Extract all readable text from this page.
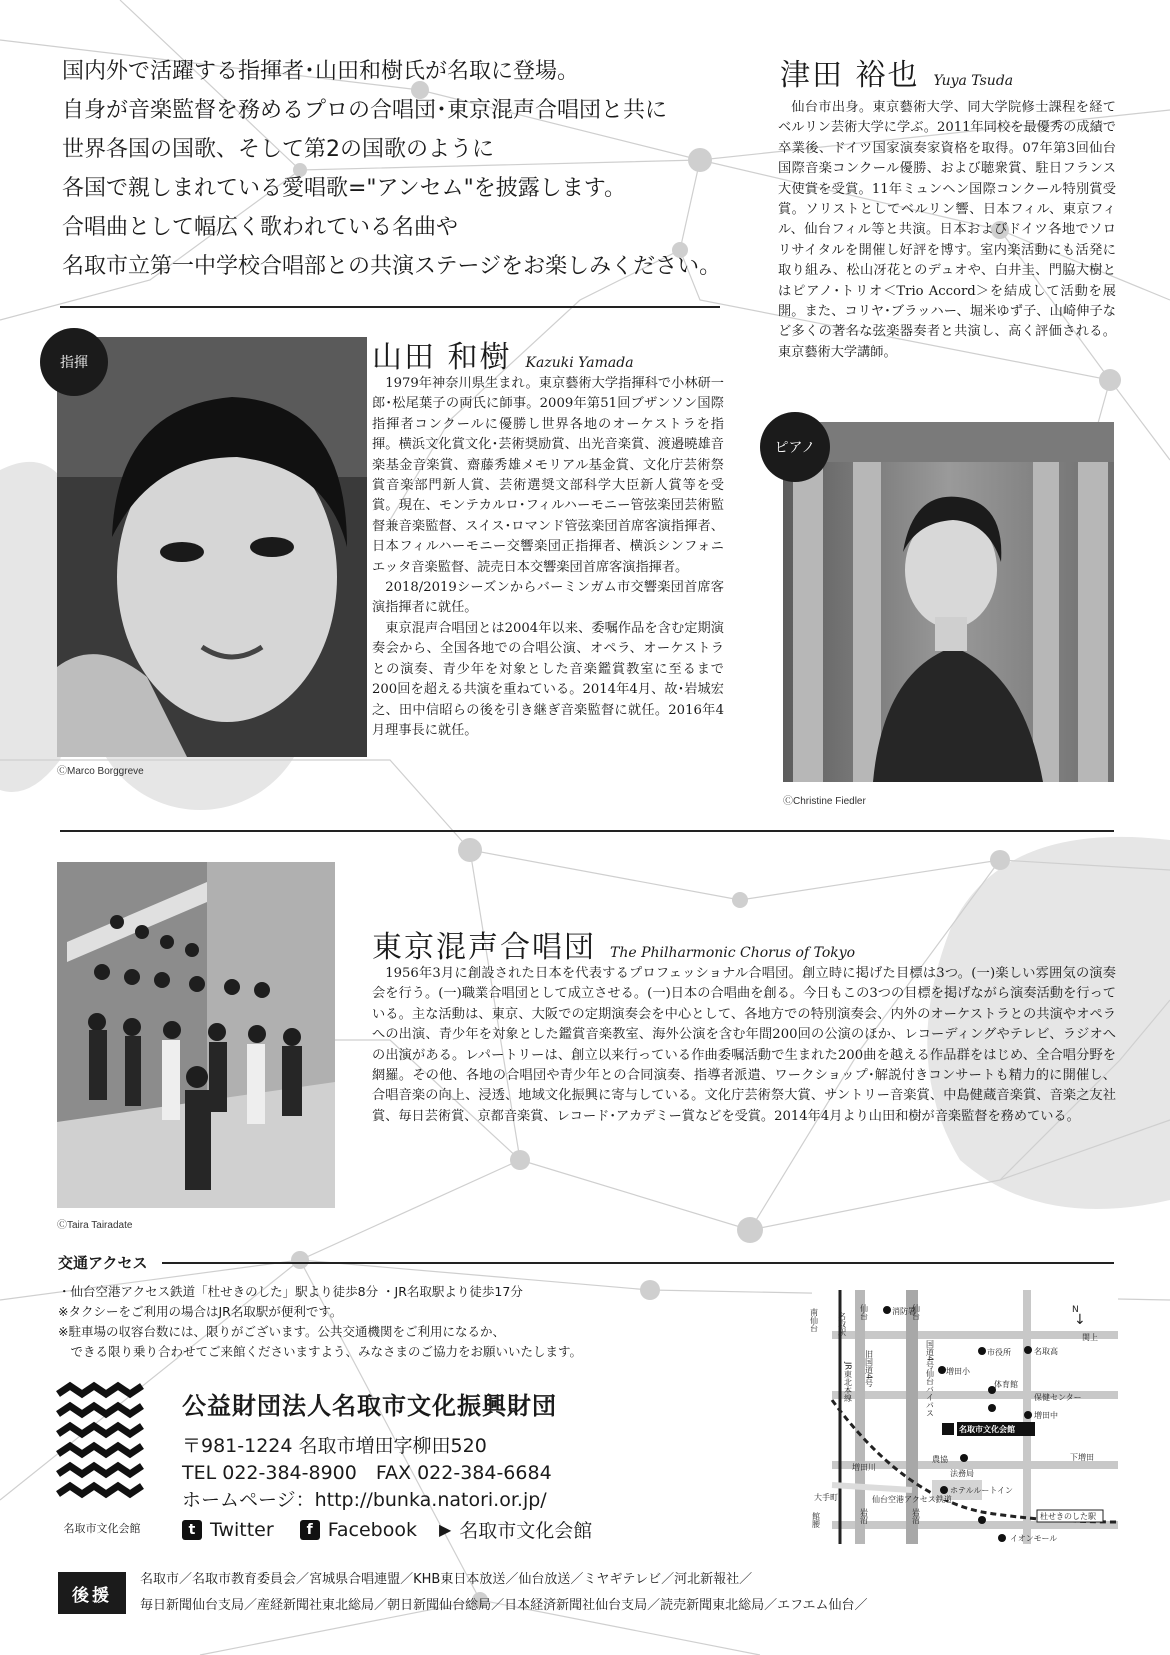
国内外で活躍する指揮者･山田和樹氏が名取に登場。
自身が音楽監督を務めるプロの合唱団･東京混声合唱団と共に
世界各国の国歌、そして第2の国歌のように
各国で親しまれている愛唱歌="アンセム"を披露します。
合唱曲として幅広く歌われている名曲や
名取市立第一中学校合唱部との共演ステージをお楽しみください。
津田 裕也 Yuya Tsuda

仙台市出身。東京藝術大学、同大学院修士課程を経てベルリン芸術大学に学ぶ。2011年同校を最優秀の成績で卒業後、ドイツ国家演奏家資格を取得。07年第3回仙台国際音楽コンクール優勝、および聴衆賞、駐日フランス大使賞を受賞。11年ミュンヘン国際コンクール特別賞受賞。ソリストとしてベルリン響、日本フィル、東京フィル、仙台フィル等と共演。日本およびドイツ各地でソロリサイタルを開催し好評を博す。室内楽活動にも活発に取り組み、松山冴花とのデュオや、白井圭、門脇大樹とはピアノ･トリオ＜Trio Accord＞を結成して活動を展開。また、コリヤ･ブラッハー、堀米ゆず子、山崎伸子など多くの著名な弦楽器奏者と共演し、高く評価される。東京藝術大学講師。

ピアノ
ⒸChristine Fiedler
指揮
ⒸMarco Borggreve
山田 和樹 Kazuki Yamada

1979年神奈川県生まれ。東京藝術大学指揮科で小林研一郎･松尾葉子の両氏に師事。2009年第51回ブザンソン国際指揮者コンクールに優勝し世界各地のオーケストラを指揮。横浜文化賞文化･芸術奨励賞、出光音楽賞、渡邉曉雄音楽基金音楽賞、齋藤秀雄メモリアル基金賞、文化庁芸術祭賞音楽部門新人賞、芸術選奨文部科学大臣新人賞等を受賞。現在、モンテカルロ･フィルハーモニー管弦楽団芸術監督兼音楽監督、スイス･ロマンド管弦楽団首席客演指揮者、日本フィルハーモニー交響楽団正指揮者、横浜シンフォニエッタ音楽監督、読売日本交響楽団首席客演指揮者。

2018/2019シーズンからバーミンガム市交響楽団首席客演指揮者に就任。

東京混声合唱団とは2004年以来、委嘱作品を含む定期演奏会から、全国各地での合唱公演、オペラ、オーケストラとの演奏、青少年を対象とした音楽鑑賞教室に至るまで200回を超える共演を重ねている。2014年4月、故･岩城宏之、田中信昭らの後を引き継ぎ音楽監督に就任。2016年4月理事長に就任。

ⒸTaira Tairadate
東京混声合唱団 The Philharmonic Chorus of Tokyo

1956年3月に創設された日本を代表するプロフェッショナル合唱団。創立時に掲げた目標は3つ。(一)楽しい雰囲気の演奏会を行う。(一)職業合唱団として成立させる。(一)日本の合唱曲を創る。今日もこの3つの目標を掲げながら演奏活動を行っている。主な活動は、東京、大阪での定期演奏会を中心として、各地方での特別演奏会、内外のオーケストラとの共演やオペラへの出演、青少年を対象とした鑑賞音楽教室、海外公演を含む年間200回の公演のほか、レコーディングやテレビ、ラジオへの出演がある。レパートリーは、創立以来行っている作曲委嘱活動で生まれた200曲を越える作品群をはじめ、全合唱分野を網羅。その他、各地の合唱団や青少年との合同演奏、指導者派遣、ワークショップ･解説付きコンサートも精力的に開催し、合唱音楽の向上、浸透、地域文化振興に寄与している。文化庁芸術祭大賞、サントリー音楽賞、中島健蔵音楽賞、音楽之友社賞、毎日芸術賞、京都音楽賞、レコード･アカデミー賞などを受賞。2014年4月より山田和樹が音楽監督を務めている。

交通アクセス
・仙台空港アクセス鉄道「杜せきのした」駅より徒歩8分 ・JR名取駅より徒歩17分
※タクシーをご利用の場合はJR名取駅が便利です。
※駐車場の収容台数には、限りがございます。公共交通機関をご利用になるか、
　できる限り乗り合わせてご来館くださいますよう、みなさまのご協力をお願いいたします。
名取市文化会館
公益財団法人名取市文化振興財団
〒981-1224 名取市増田字柳田520
TEL 022-384-8900　FAX 022-384-6684
ホームページ：http://bunka.natori.or.jp/
t Twitter	f Facebook ▶ 名取市文化会館
名取市文化会館
N
↓
南仙台 名取駅 仙台	消防署
仙台
関上
名取高
市役所
国道4号仙台バイパス
旧国道4号
JR東北本線	増田小
体育館
保健センター
増田中
下増田
増田川
農協
法務局
ホテルルートイン
仙台空港アクセス鉄道
大手町
館腰	岩沼	岩沼	杜せきのした駅
イオンモール
後援
名取市／名取市教育委員会／宮城県合唱連盟／KHB東日本放送／仙台放送／ミヤギテレビ／河北新報社／
毎日新聞仙台支局／産経新聞社東北総局／朝日新聞仙台総局／日本経済新聞社仙台支局／読売新聞東北総局／エフエム仙台／
